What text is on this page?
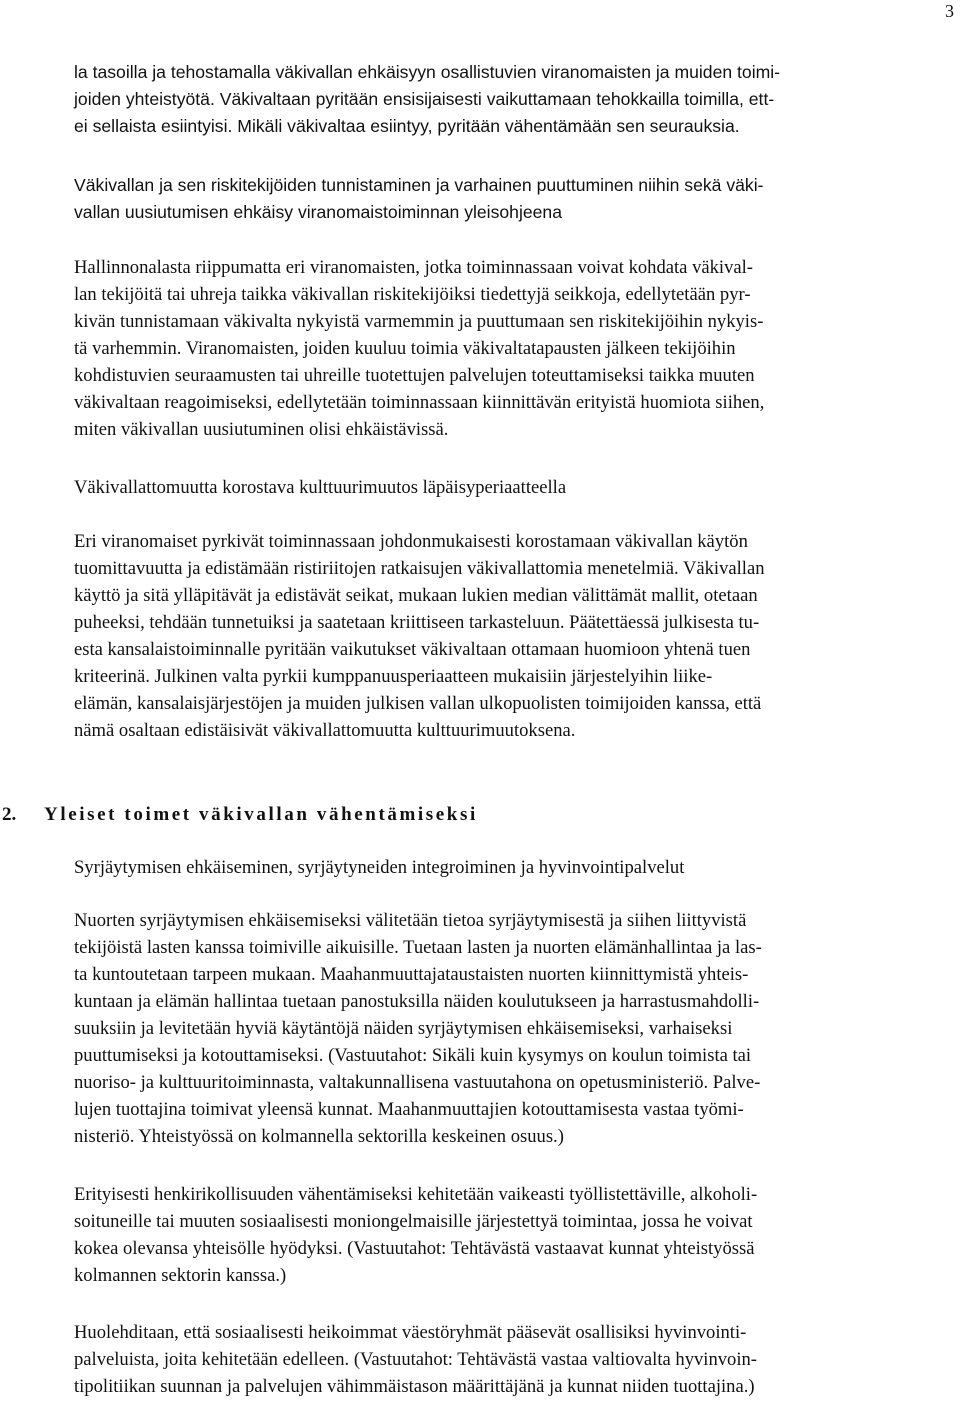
3
la tasoilla ja tehostamalla väkivallan ehkäisyyn osallistuvien viranomaisten ja muiden toimi-
joiden yhteistyötä. Väkivaltaan pyritään ensisijaisesti vaikuttamaan tehokkailla toimilla, ett-
ei sellaista esiintyisi. Mikäli väkivaltaa esiintyy, pyritään vähentämään sen seurauksia.
Väkivallan ja sen riskitekijöiden tunnistaminen ja varhainen puuttuminen niihin sekä väki-
vallan uusiutumisen ehkäisy viranomaistoiminnan yleisohjeena
Hallinnonalasta riippumatta eri viranomaisten, jotka toiminnassaan voivat kohdata väkival-
lan tekijöitä tai uhreja taikka väkivallan riskitekijöiksi tiedettyjä seikkoja, edellytetään pyr-
kivän tunnistamaan väkivalta nykyistä varmemmin ja puuttumaan sen riskitekijöihin nykyis-
tä varhemmin. Viranomaisten, joiden kuuluu toimia väkivaltatapausten jälkeen tekijöihin
kohdistuvien seuraamusten tai uhreille tuotettujen palvelujen toteuttamiseksi taikka muuten
väkivaltaan reagoimiseksi, edellytetään toiminnassaan kiinnittävän erityistä huomiota siihen,
miten väkivallan uusiutuminen olisi ehkäistävissä.
Väkivallattomuutta korostava kulttuurimuutos läpäisyperiaatteella
Eri viranomaiset pyrkivät toiminnassaan johdonmukaisesti korostamaan väkivallan käytön
tuomittavuutta ja edistämään ristiriitojen ratkaisujen väkivallattomia menetelmiä. Väkivallan
käyttö ja sitä ylläpitävät ja edistävät seikat, mukaan lukien median välittämät mallit, otetaan
puheeksi, tehdään tunnetuiksi ja saatetaan kriittiseen tarkasteluun. Päätettäessä julkisesta tu-
esta kansalaistoiminnalle pyritään vaikutukset väkivaltaan ottamaan huomioon yhtenä tuen
kriteerinä. Julkinen valta pyrkii kumppanuusperiaatteen mukaisiin järjestelyihin liike-
elämän, kansalaisjärjestöjen ja muiden julkisen vallan ulkopuolisten toimijoiden kanssa, että
nämä osaltaan edistäisivät väkivallattomuutta kulttuurimuutoksena.
2. Yleiset toimet väkivallan vähentämiseksi
Syrjäytymisen ehkäiseminen, syrjäytyneiden integroiminen ja hyvinvointipalvelut
Nuorten syrjäytymisen ehkäisemiseksi välitetään tietoa syrjäytymisestä ja siihen liittyvistä
tekijöistä lasten kanssa toimiville aikuisille. Tuetaan lasten ja nuorten elämänhallintaa ja las-
ta kuntoutetaan tarpeen mukaan. Maahanmuuttajataustaisten nuorten kiinnittymistä yhteis-
kuntaan ja elämän hallintaa tuetaan panostuksilla näiden koulutukseen ja harrastusmahdolli-
suuksiin ja levitetään hyviä käytäntöjä näiden syrjäytymisen ehkäisemiseksi, varhaiseksi
puuttumiseksi ja kotouttamiseksi. (Vastuutahot: Sikäli kuin kysymys on koulun toimista tai
nuoriso- ja kulttuuritoiminnasta, valtakunnallisena vastuutahona on opetusministeriö. Palve-
lujen tuottajina toimivat yleensä kunnat. Maahanmuuttajien kotouttamisesta vastaa työmi-
nisteriö. Yhteistyössä on kolmannella sektorilla keskeinen osuus.)
Erityisesti henkirikollisuuden vähentämiseksi kehitetään vaikeasti työllistettäville, alkoholi-
soituneille tai muuten sosiaalisesti moniongelmaisille järjestettyä toimintaa, jossa he voivat
kokea olevansa yhteisölle hyödyksi. (Vastuutahot: Tehtävästä vastaavat kunnat yhteistyössä
kolmannen sektorin kanssa.)
Huolehditaan, että sosiaalisesti heikoimmat väestöryhmät pääsevät osallisiksi hyvinvointi-
palveluista, joita kehitetään edelleen. (Vastuutahot: Tehtävästä vastaa valtiovalta hyvinvoin-
tipolitiikan suunnan ja palvelujen vähimmäistason määrittäjänä ja kunnat niiden tuottajina.)
